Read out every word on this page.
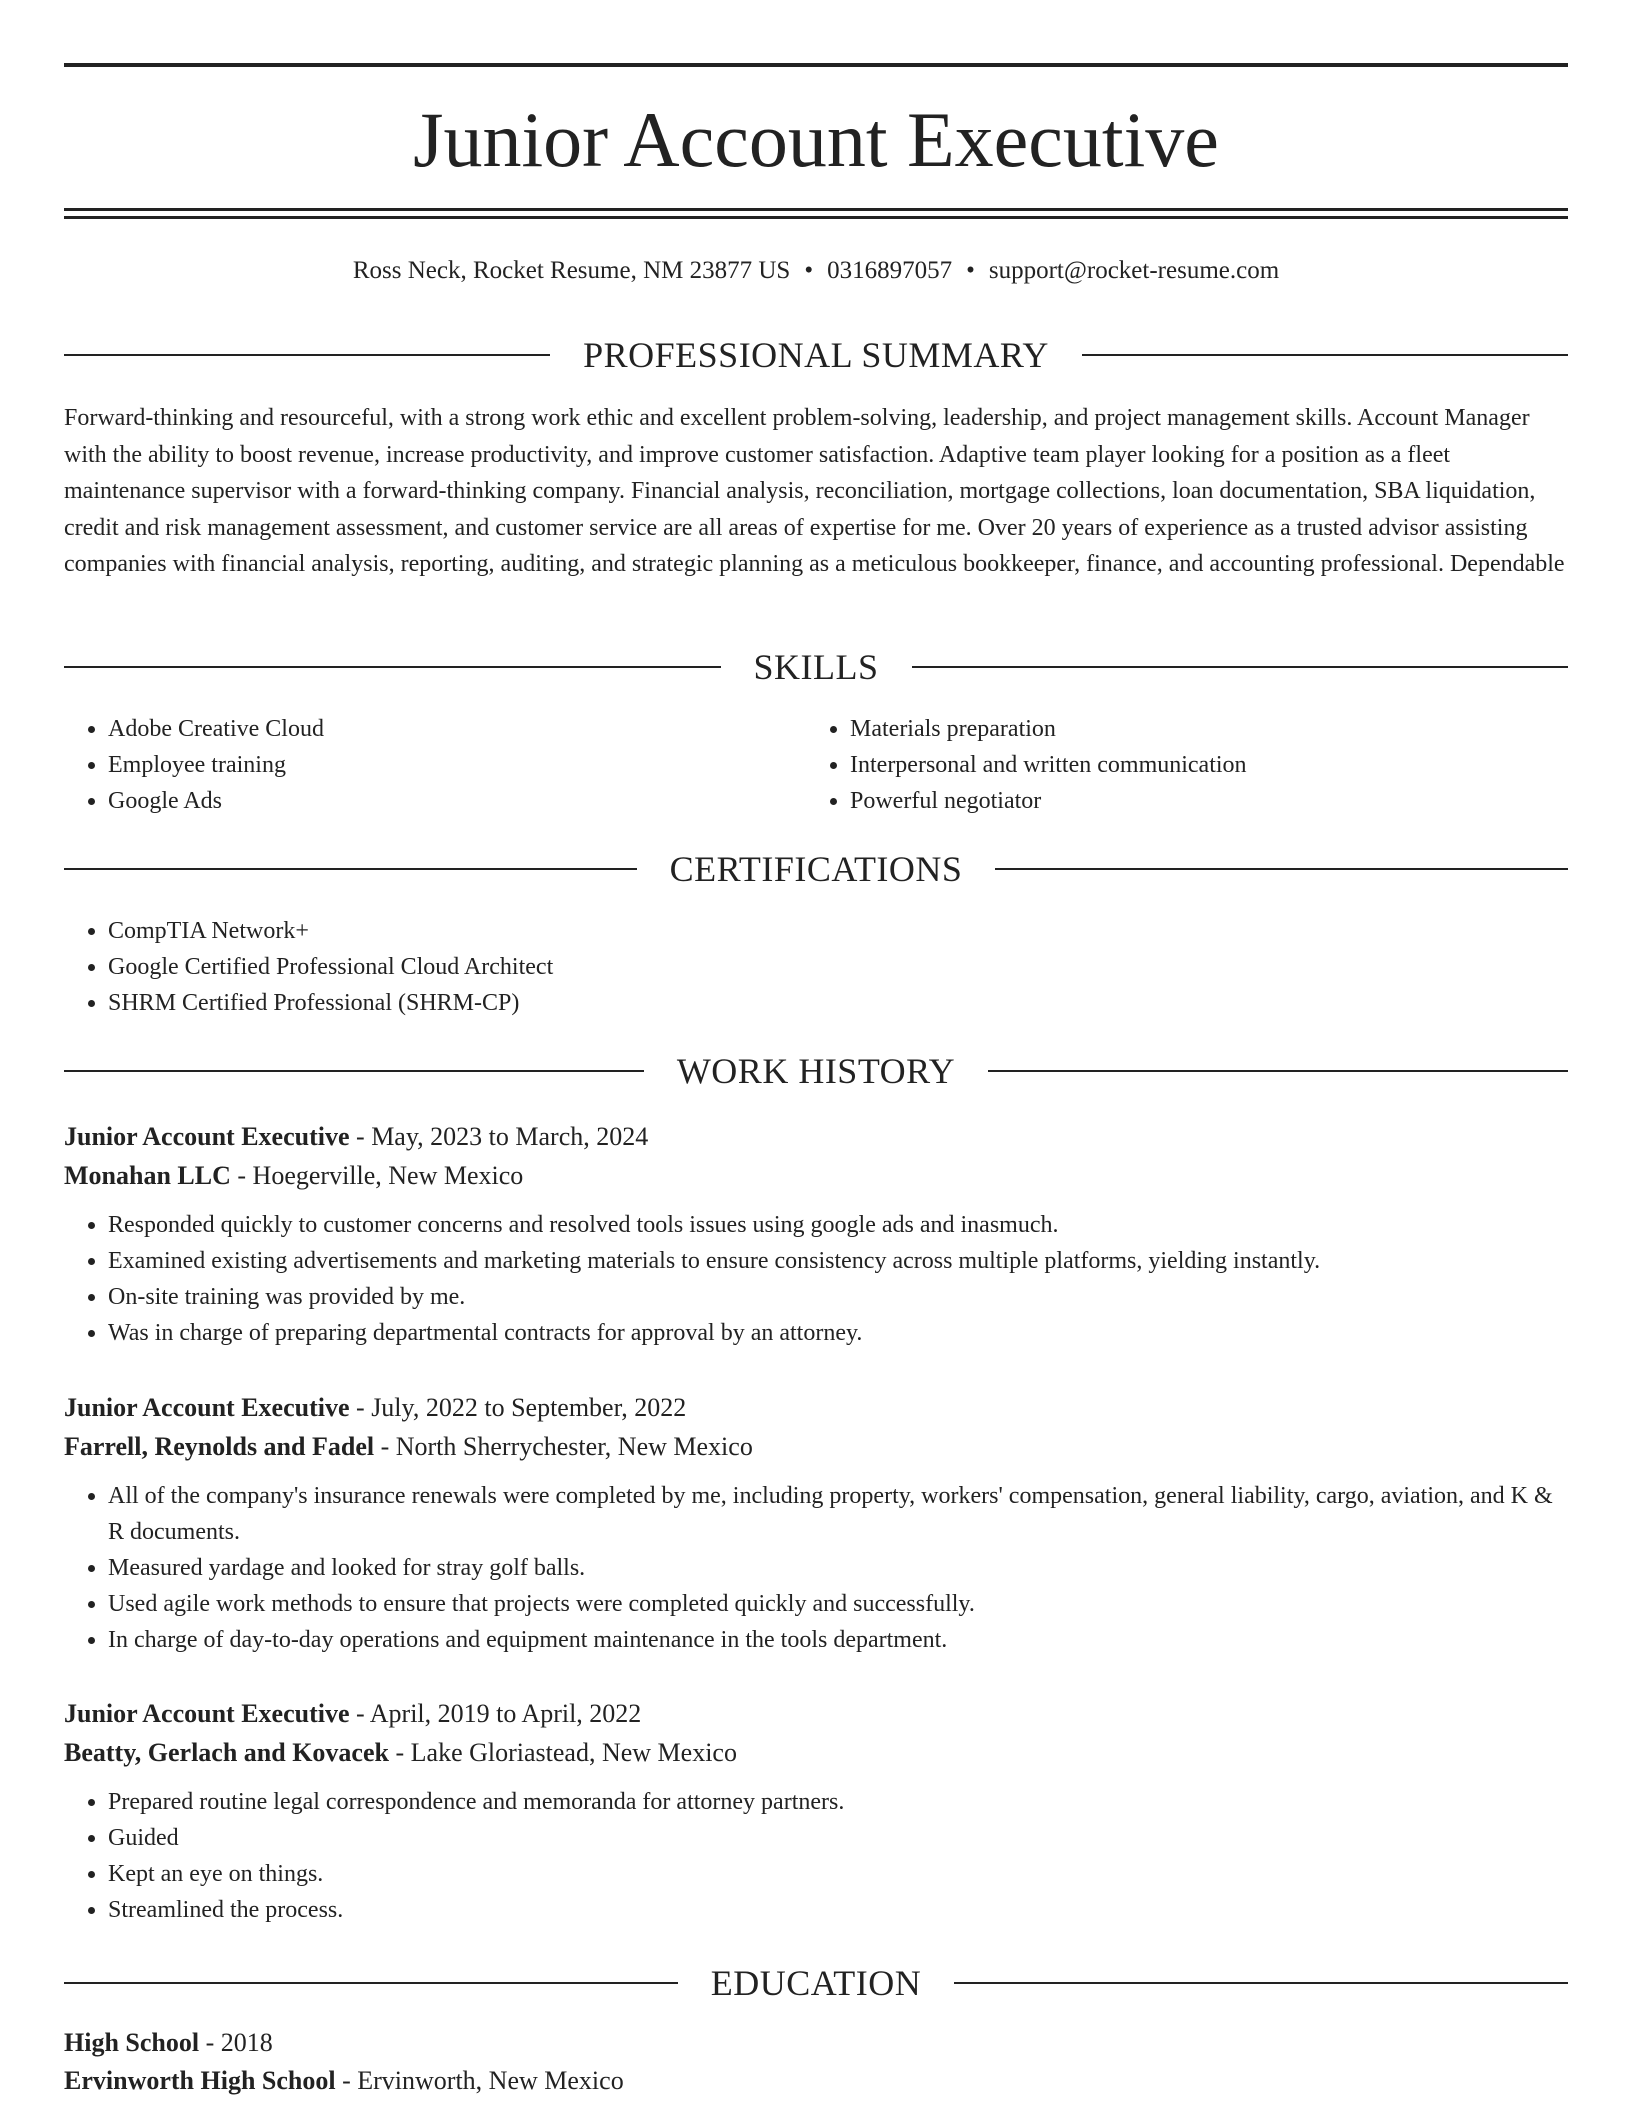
Junior Account Executive
Ross Neck, Rocket Resume, NM 23877 US • 0316897057 • support@rocket-resume.com
PROFESSIONAL SUMMARY

Forward-thinking and resourceful, with a strong work ethic and excellent problem-solving, leadership, and project management skills. Account Manager with the ability to boost revenue, increase productivity, and improve customer satisfaction. Adaptive team player looking for a position as a fleet maintenance supervisor with a forward-thinking company. Financial analysis, reconciliation, mortgage collections, loan documentation, SBA liquidation, credit and risk management assessment, and customer service are all areas of expertise for me. Over 20 years of experience as a trusted advisor assisting companies with financial analysis, reporting, auditing, and strategic planning as a meticulous bookkeeper, finance, and accounting professional. Dependable

SKILLS
• Adobe Creative Cloud
• Employee training
• Google Ads
• Materials preparation
• Interpersonal and written communication
• Powerful negotiator
CERTIFICATIONS
• CompTIA Network+
• Google Certified Professional Cloud Architect
• SHRM Certified Professional (SHRM-CP)
WORK HISTORY
Junior Account Executive - May, 2023 to March, 2024
Monahan LLC - Hoegerville, New Mexico
• Responded quickly to customer concerns and resolved tools issues using google ads and inasmuch.
• Examined existing advertisements and marketing materials to ensure consistency across multiple platforms, yielding instantly.
• On-site training was provided by me.
• Was in charge of preparing departmental contracts for approval by an attorney.
Junior Account Executive - July, 2022 to September, 2022
Farrell, Reynolds and Fadel - North Sherrychester, New Mexico
• All of the company's insurance renewals were completed by me, including property, workers' compensation, general liability, cargo, aviation, and K & R documents.
• Measured yardage and looked for stray golf balls.
• Used agile work methods to ensure that projects were completed quickly and successfully.
• In charge of day-to-day operations and equipment maintenance in the tools department.
Junior Account Executive - April, 2019 to April, 2022
Beatty, Gerlach and Kovacek - Lake Gloriastead, New Mexico
• Prepared routine legal correspondence and memoranda for attorney partners.
• Guided
• Kept an eye on things.
• Streamlined the process.
EDUCATION
High School - 2018
Ervinworth High School - Ervinworth, New Mexico
